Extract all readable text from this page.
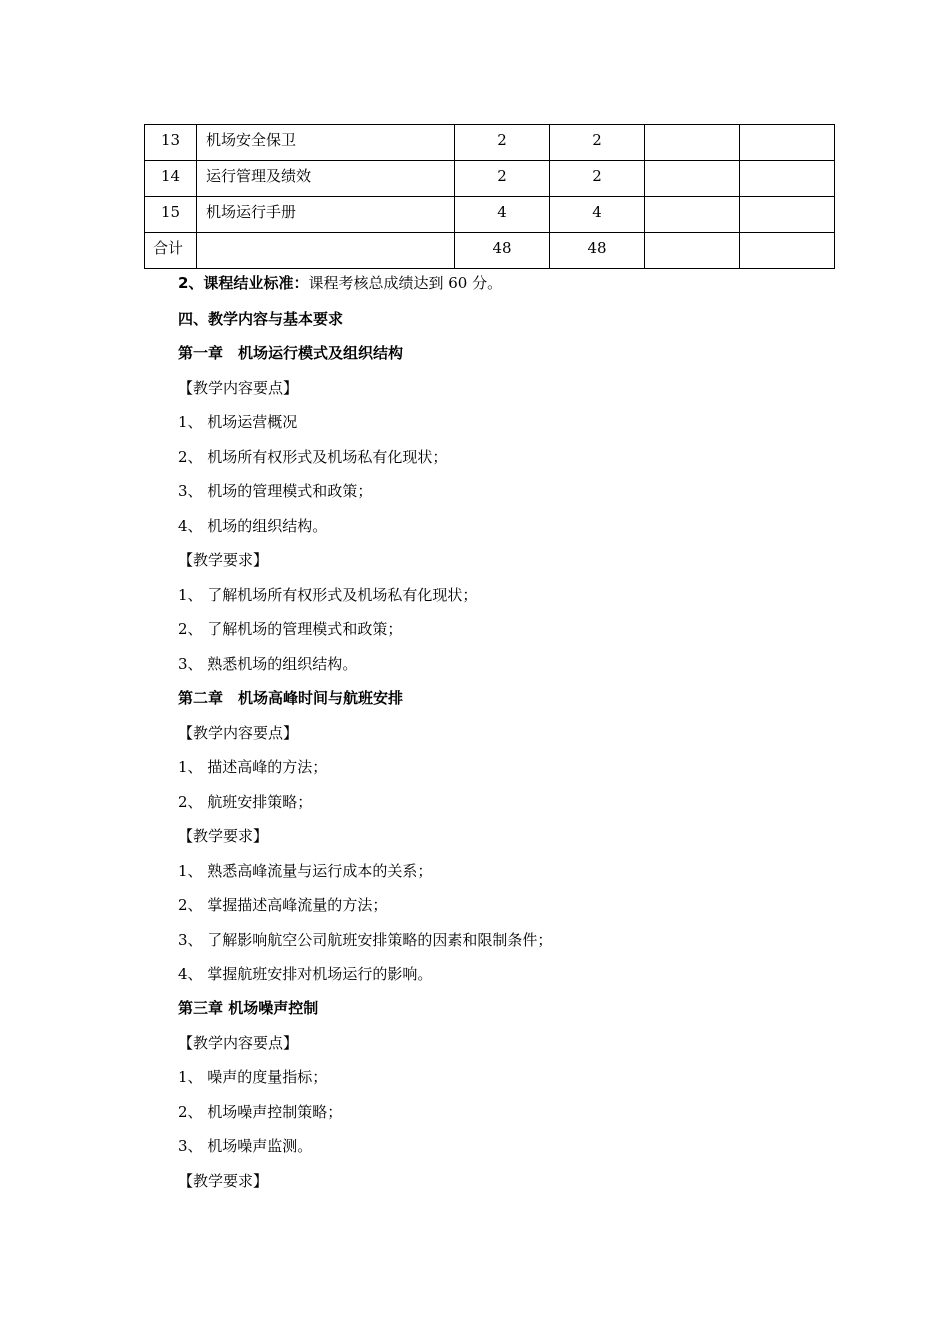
13	机场安全保卫	2	2		
14	运行管理及绩效	2	2		
15	机场运行手册	4	4		
合计		48	48		
2、课程结业标准：课程考核总成绩达到 60 分。
四、教学内容与基本要求
第一章　机场运行模式及组织结构
【教学内容要点】
1、 机场运营概况
2、 机场所有权形式及机场私有化现状；
3、 机场的管理模式和政策；
4、 机场的组织结构。
【教学要求】
1、 了解机场所有权形式及机场私有化现状；
2、 了解机场的管理模式和政策；
3、 熟悉机场的组织结构。
第二章　机场高峰时间与航班安排
【教学内容要点】
1、 描述高峰的方法；
2、 航班安排策略；
【教学要求】
1、 熟悉高峰流量与运行成本的关系；
2、 掌握描述高峰流量的方法；
3、 了解影响航空公司航班安排策略的因素和限制条件；
4、 掌握航班安排对机场运行的影响。
第三章 机场噪声控制
【教学内容要点】
1、 噪声的度量指标；
2、 机场噪声控制策略；
3、 机场噪声监测。
【教学要求】
